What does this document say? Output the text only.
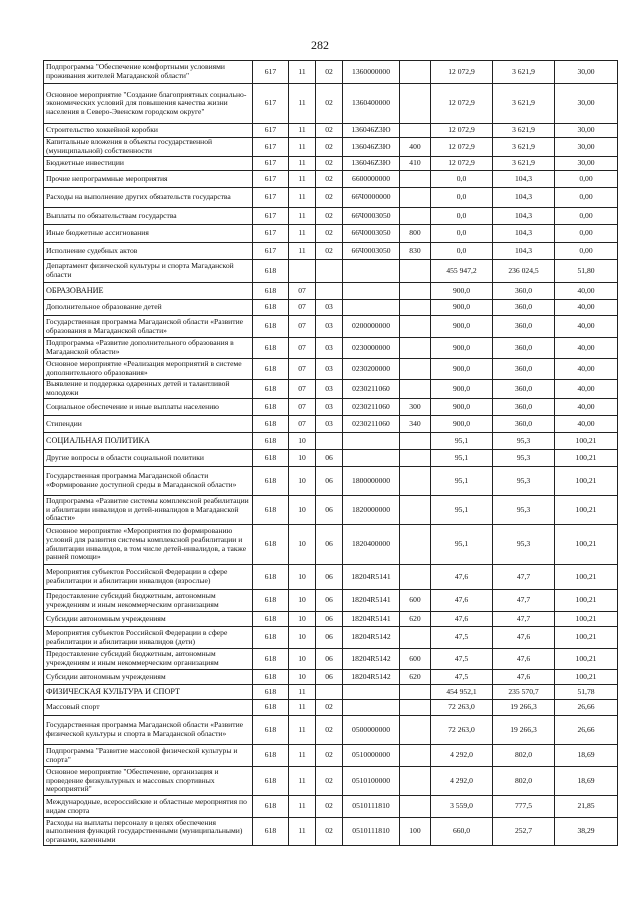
282
Подпрограмма "Обеспечение комфортными условиями проживания жителей Магаданской области"	617	11	02	1360000000		12 072,9	3 621,9	30,00
Основное мероприятие "Создание благоприятных социально-экономических условий для повышения качества жизни населения в Северо-Эвенском городском округе"	617	11	02	1360400000		12 072,9	3 621,9	30,00
Строительство хоккейной коробки	617	11	02	136046Z3Ю		12 072,9	3 621,9	30,00
Капитальные вложения в объекты государственной (муниципальной) собственности	617	11	02	136046Z3Ю	400	12 072,9	3 621,9	30,00
Бюджетные инвестиции	617	11	02	136046Z3Ю	410	12 072,9	3 621,9	30,00
Прочие непрограммные мероприятия	617	11	02	6600000000		0,0	104,3	0,00
Расходы на выполнение других обязательств государства	617	11	02	66Ч0000000		0,0	104,3	0,00
Выплаты по обязательствам государства	617	11	02	66Ч0003050		0,0	104,3	0,00
Иные бюджетные ассигнования	617	11	02	66Ч0003050	800	0,0	104,3	0,00
Исполнение судебных актов	617	11	02	66Ч0003050	830	0,0	104,3	0,00
Департамент физической культуры и спорта Магаданской области	618					455 947,2	236 024,5	51,80
ОБРАЗОВАНИЕ	618	07				900,0	360,0	40,00
Дополнительное образование детей	618	07	03			900,0	360,0	40,00
Государственная программа Магаданской области «Развитие образования в Магаданской области»	618	07	03	0200000000		900,0	360,0	40,00
Подпрограмма «Развитие дополнительного образования в Магаданской области»	618	07	03	0230000000		900,0	360,0	40,00
Основное мероприятие «Реализация мероприятий в системе дополнительного образования»	618	07	03	0230200000		900,0	360,0	40,00
Выявление и поддержка одаренных детей и талантливой молодежи	618	07	03	0230211060		900,0	360,0	40,00
Социальное обеспечение и иные выплаты населению	618	07	03	0230211060	300	900,0	360,0	40,00
Стипендии	618	07	03	0230211060	340	900,0	360,0	40,00
СОЦИАЛЬНАЯ ПОЛИТИКА	618	10				95,1	95,3	100,21
Другие вопросы в области социальной политики	618	10	06			95,1	95,3	100,21
Государственная программа Магаданской области «Формирование доступной среды в Магаданской области»	618	10	06	1800000000		95,1	95,3	100,21
Подпрограмма «Развитие системы комплексной реабилитации и абилитации инвалидов и детей-инвалидов в Магаданской области»	618	10	06	1820000000		95,1	95,3	100,21
Основное мероприятие «Мероприятия по формированию условий для развития системы комплексной реабилитации и абилитации инвалидов, в том числе детей-инвалидов, а также ранней помощи»	618	10	06	1820400000		95,1	95,3	100,21
Мероприятия субъектов Российской Федерации в сфере реабилитации и абилитации инвалидов (взрослые)	618	10	06	18204R5141		47,6	47,7	100,21
Предоставление субсидий бюджетным, автономным учреждениям и иным некоммерческим организациям	618	10	06	18204R5141	600	47,6	47,7	100,21
Субсидии автономным учреждениям	618	10	06	18204R5141	620	47,6	47,7	100,21
Мероприятия субъектов Российской Федерации в сфере реабилитации и абилитации инвалидов (дети)	618	10	06	18204R5142		47,5	47,6	100,21
Предоставление субсидий бюджетным, автономным учреждениям и иным некоммерческим организациям	618	10	06	18204R5142	600	47,5	47,6	100,21
Субсидии автономным учреждениям	618	10	06	18204R5142	620	47,5	47,6	100,21
ФИЗИЧЕСКАЯ КУЛЬТУРА И СПОРТ	618	11				454 952,1	235 570,7	51,78
Массовый спорт	618	11	02			72 263,0	19 266,3	26,66
Государственная программа Магаданской области «Развитие физической культуры и спорта в Магаданской области»	618	11	02	0500000000		72 263,0	19 266,3	26,66
Подпрограмма "Развитие массовой физической культуры и спорта"	618	11	02	0510000000		4 292,0	802,0	18,69
Основное мероприятие "Обеспечение, организация и проведение физкультурных и массовых спортивных мероприятий"	618	11	02	0510100000		4 292,0	802,0	18,69
Международные, всероссийские и областные мероприятия по видам спорта	618	11	02	0510111810		3 559,0	777,5	21,85
Расходы на выплаты персоналу в целях обеспечения выполнения функций государственными (муниципальными) органами, казенными	618	11	02	0510111810	100	660,0	252,7	38,29
